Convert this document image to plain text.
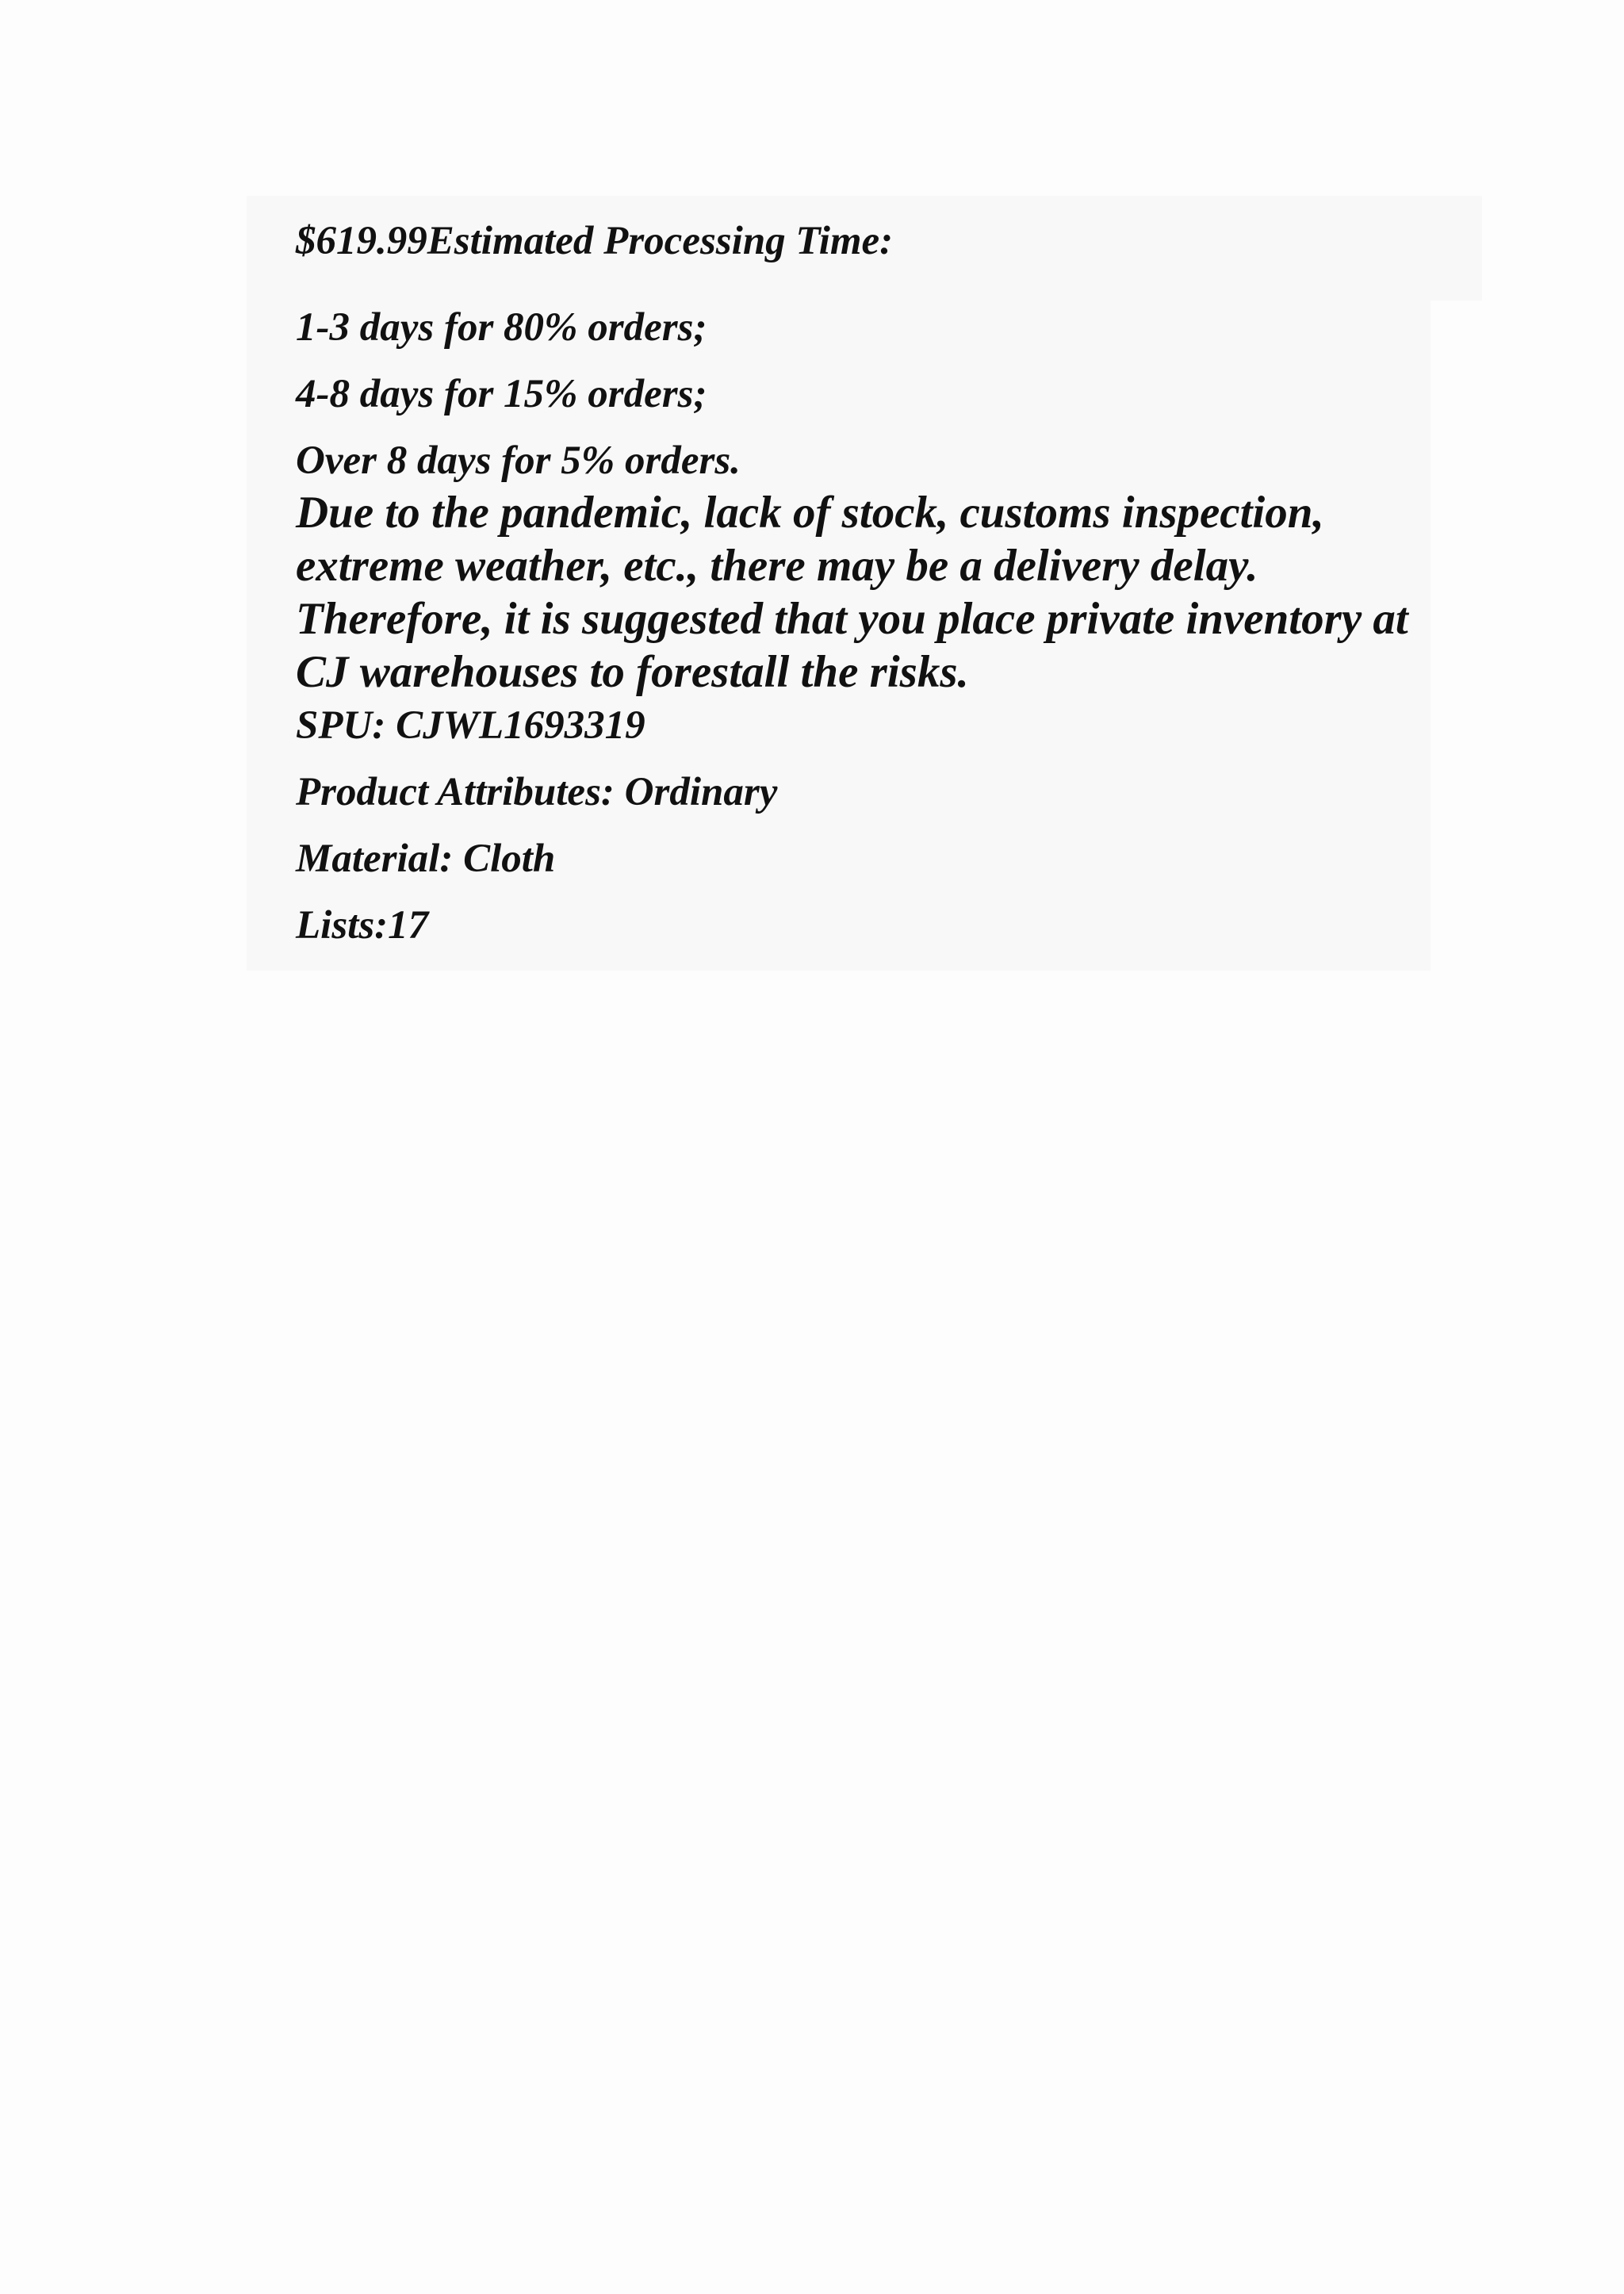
$619.99Estimated Processing Time:

1-3 days for 80% orders;

4-8 days for 15% orders;

Over 8 days for 5% orders.

Due to the pandemic, lack of stock, customs inspection, extreme weather, etc., there may be a delivery delay. Therefore, it is suggested that you place private inventory at CJ warehouses to forestall the risks.

SPU: CJWL1693319

Product Attributes: Ordinary

Material: Cloth

Lists:17
